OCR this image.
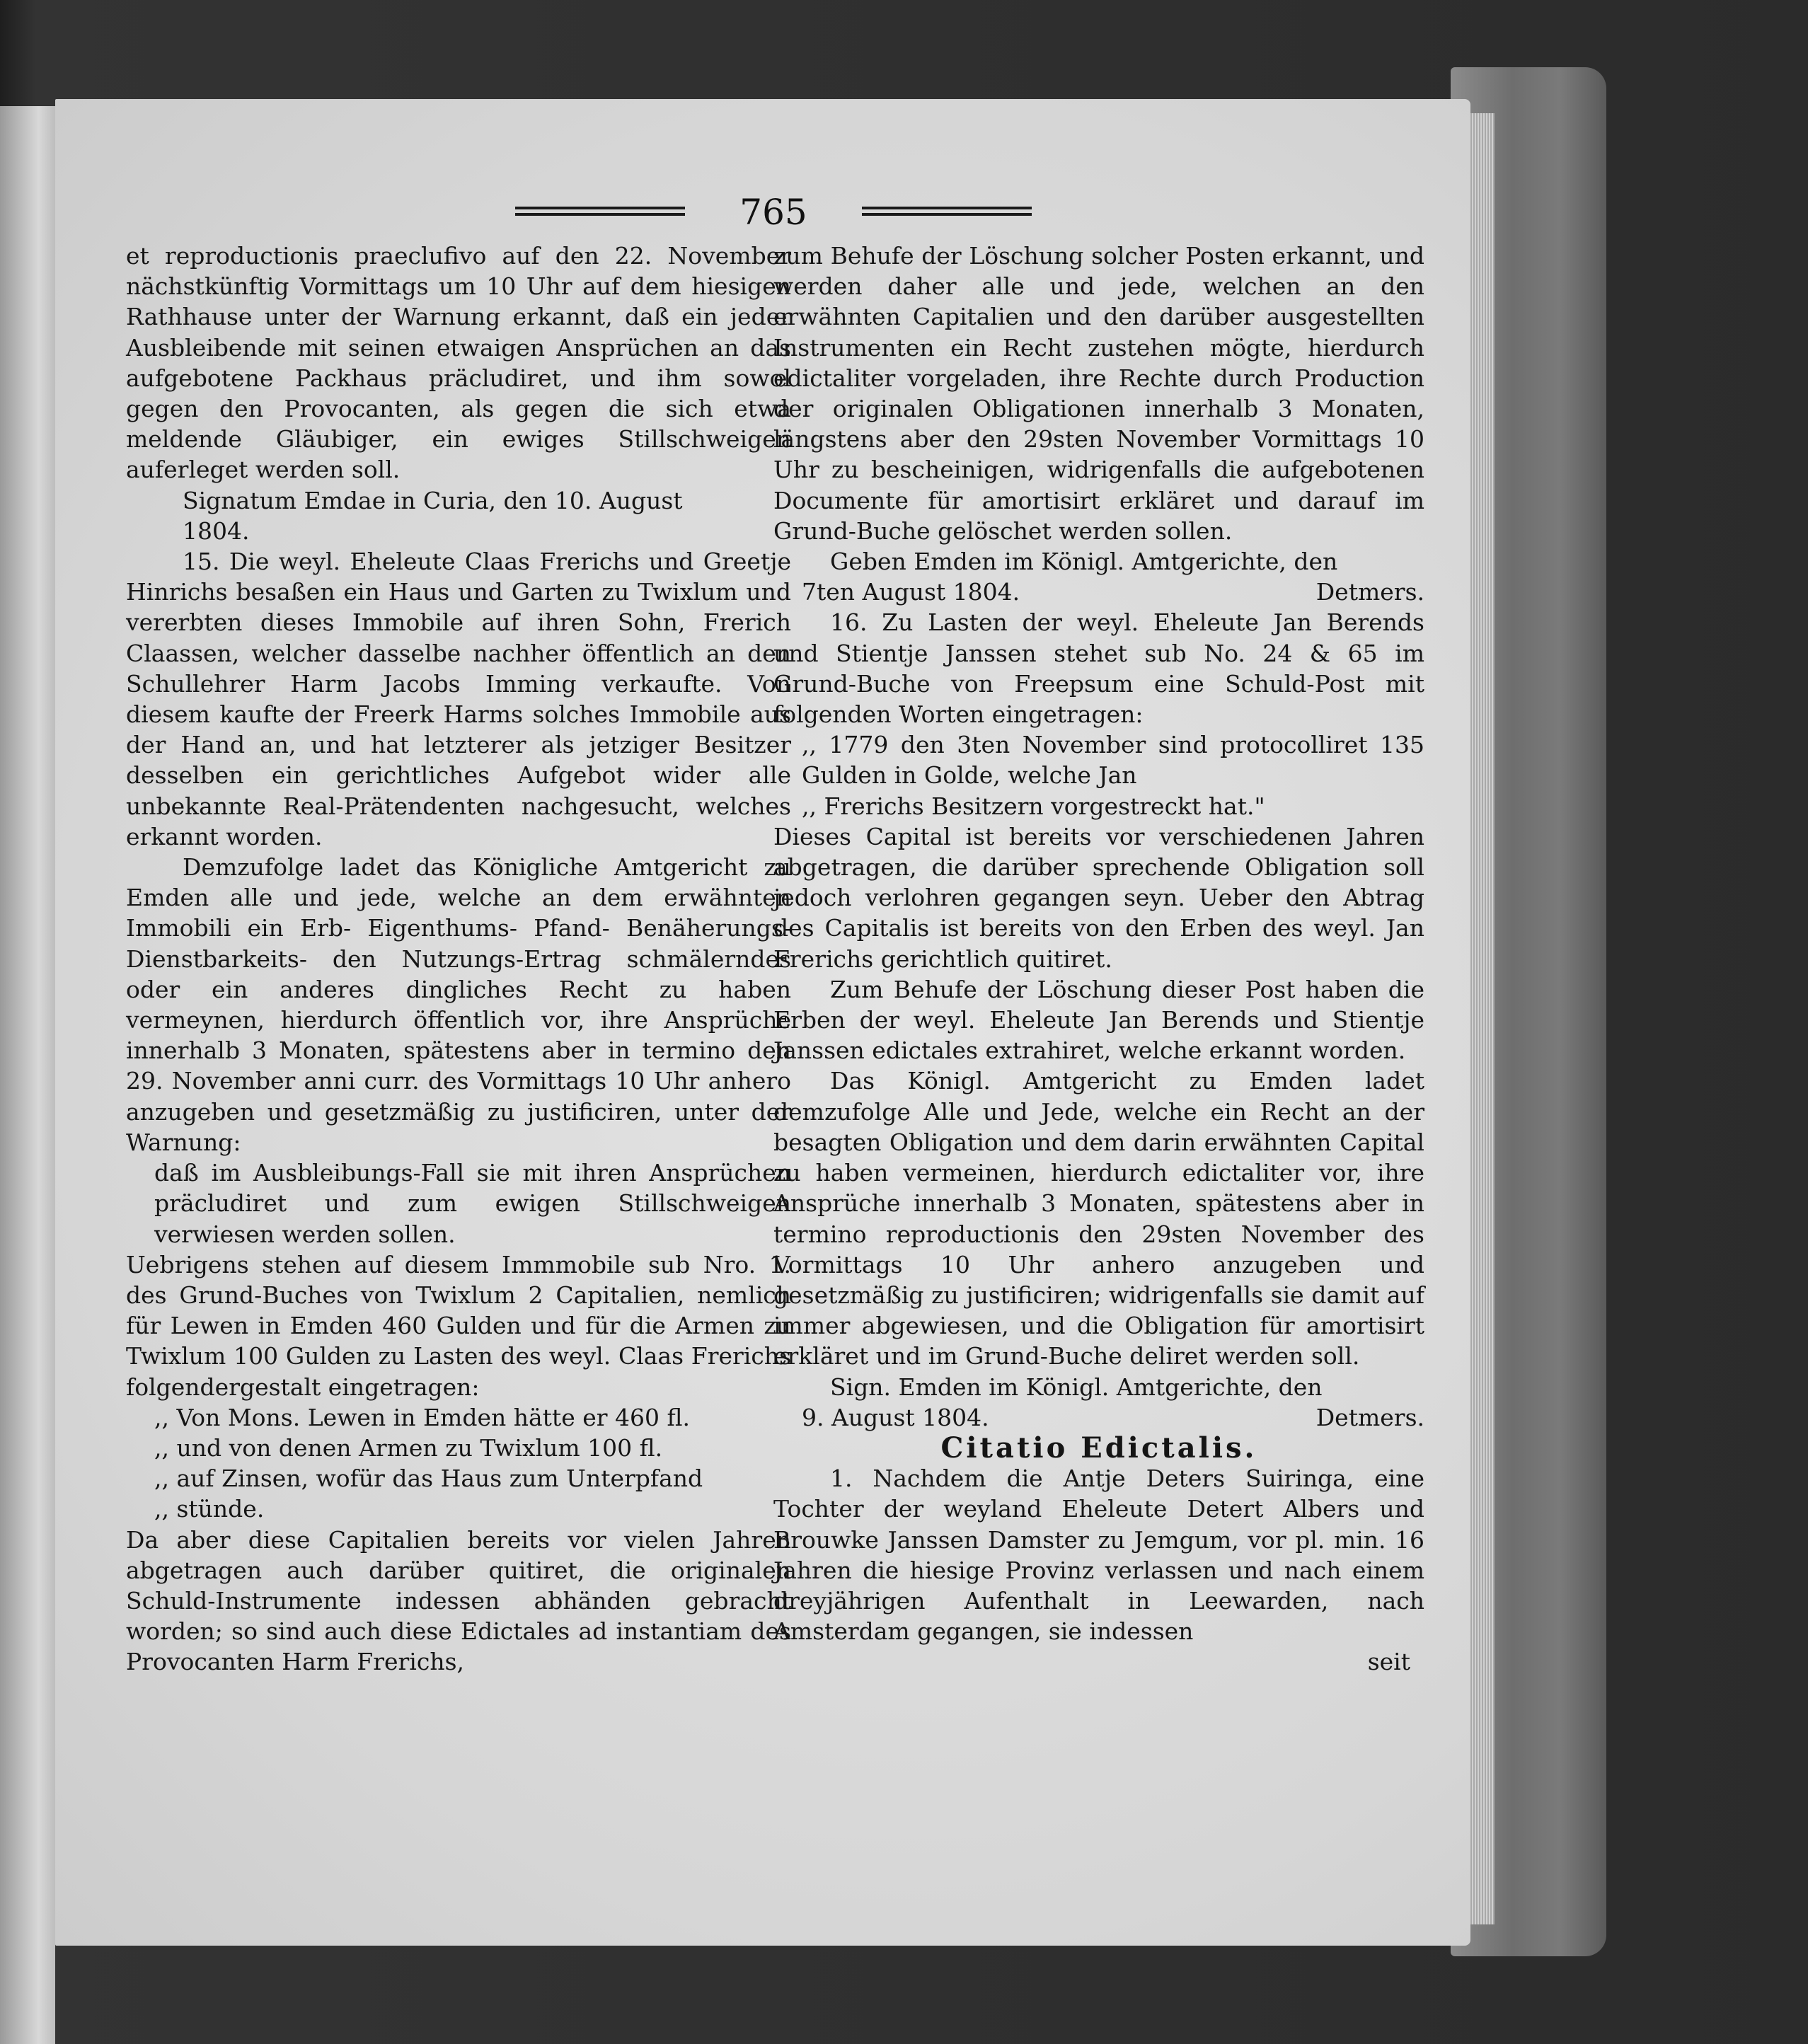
765

et reproductionis praeclufivo auf den 22. November nächstkünftig Vormittags um 10 Uhr auf dem hiesigen Rathhause unter der Warnung erkannt, daß ein jeder Ausbleibende mit seinen etwaigen Ansprüchen an das aufgebotene Packhaus präcludiret, und ihm sowol gegen den Provocanten, als gegen die sich etwa meldende Gläubiger, ein ewiges Stillschweigen auferleget werden soll.

Signatum Emdae in Curia, den 10. August

1804.

15. Die weyl. Eheleute Claas Frerichs und Greetje Hinrichs besaßen ein Haus und Garten zu Twixlum und vererbten dieses Immobile auf ihren Sohn, Frerich Claassen, welcher dasselbe nachher öffentlich an den Schullehrer Harm Jacobs Imming verkaufte. Von diesem kaufte der Freerk Harms solches Immobile aus der Hand an, und hat letzterer als jetziger Besitzer desselben ein gerichtliches Aufgebot wider alle unbekannte Real-Prätendenten nachgesucht, welches erkannt worden.

Demzufolge ladet das Königliche Amtgericht zu Emden alle und jede, welche an dem erwähnten Immobili ein Erb- Eigenthums- Pfand- Benäherungs- Dienstbarkeits- den Nutzungs-Ertrag schmälerndes oder ein anderes dingliches Recht zu haben vermeynen, hierdurch öffentlich vor, ihre Ansprüche innerhalb 3 Monaten, spätestens aber in termino den 29. November anni curr. des Vormittags 10 Uhr anhero anzugeben und gesetzmäßig zu justificiren, unter der Warnung:

daß im Ausbleibungs-Fall sie mit ihren Ansprüchen präcludiret und zum ewigen Stillschweigen verwiesen werden sollen.

Uebrigens stehen auf diesem Immmobile sub Nro. 1. des Grund-Buches von Twixlum 2 Capitalien, nemlich für Lewen in Emden 460 Gulden und für die Armen zu Twixlum 100 Gulden zu Lasten des weyl. Claas Frerichs folgendergestalt eingetragen:

,, Von Mons. Lewen in Emden hätte er 460 fl.

,, und von denen Armen zu Twixlum 100 fl.

,, auf Zinsen, wofür das Haus zum Unterpfand

,, stünde.

Da aber diese Capitalien bereits vor vielen Jahren abgetragen auch darüber quitiret, die originalen Schuld-Instrumente indessen abhänden gebracht worden; so sind auch diese Edictales ad instantiam des Provocanten Harm Frerichs,

zum Behufe der Löschung solcher Posten erkannt, und werden daher alle und jede, welchen an den erwähnten Capitalien und den darüber ausgestellten Instrumenten ein Recht zustehen mögte, hierdurch edictaliter vorgeladen, ihre Rechte durch Production der originalen Obligationen innerhalb 3 Monaten, längstens aber den 29sten November Vormittags 10 Uhr zu bescheinigen, widrigenfalls die aufgebotenen Documente für amortisirt erkläret und darauf im Grund-Buche gelöschet werden sollen.

Geben Emden im Königl. Amtgerichte, den

7ten August 1804.	Detmers.

16. Zu Lasten der weyl. Eheleute Jan Berends und Stientje Janssen stehet sub No. 24 & 65 im Grund-Buche von Freepsum eine Schuld-Post mit folgenden Worten eingetragen:

,, 1779 den 3ten November sind protocolliret 135 Gulden in Golde, welche Jan

,, Frerichs Besitzern vorgestreckt hat."

Dieses Capital ist bereits vor verschiedenen Jahren abgetragen, die darüber sprechende Obligation soll jedoch verlohren gegangen seyn. Ueber den Abtrag des Capitalis ist bereits von den Erben des weyl. Jan Frerichs gerichtlich quitiret.

Zum Behufe der Löschung dieser Post haben die Erben der weyl. Eheleute Jan Berends und Stientje Janssen edictales extrahiret, welche erkannt worden.

Das Königl. Amtgericht zu Emden ladet demzufolge Alle und Jede, welche ein Recht an der besagten Obligation und dem darin erwähnten Capital zu haben vermeinen, hierdurch edictaliter vor, ihre Ansprüche innerhalb 3 Monaten, spätestens aber in termino reproductionis den 29sten November des Vormittags 10 Uhr anhero anzugeben und gesetzmäßig zu justificiren; widrigenfalls sie damit auf immer abgewiesen, und die Obligation für amortisirt erkläret und im Grund-Buche deliret werden soll.

Sign. Emden im Königl. Amtgerichte, den

9. August 1804.	Detmers.

Citatio Edictalis.

1. Nachdem die Antje Deters Suiringa, eine Tochter der weyland Eheleute Detert Albers und Brouwke Janssen Damster zu Jemgum, vor pl. min. 16 Jahren die hiesige Provinz verlassen und nach einem dreyjährigen Aufenthalt in Leewarden, nach Amsterdam gegangen, sie indessen

seit
